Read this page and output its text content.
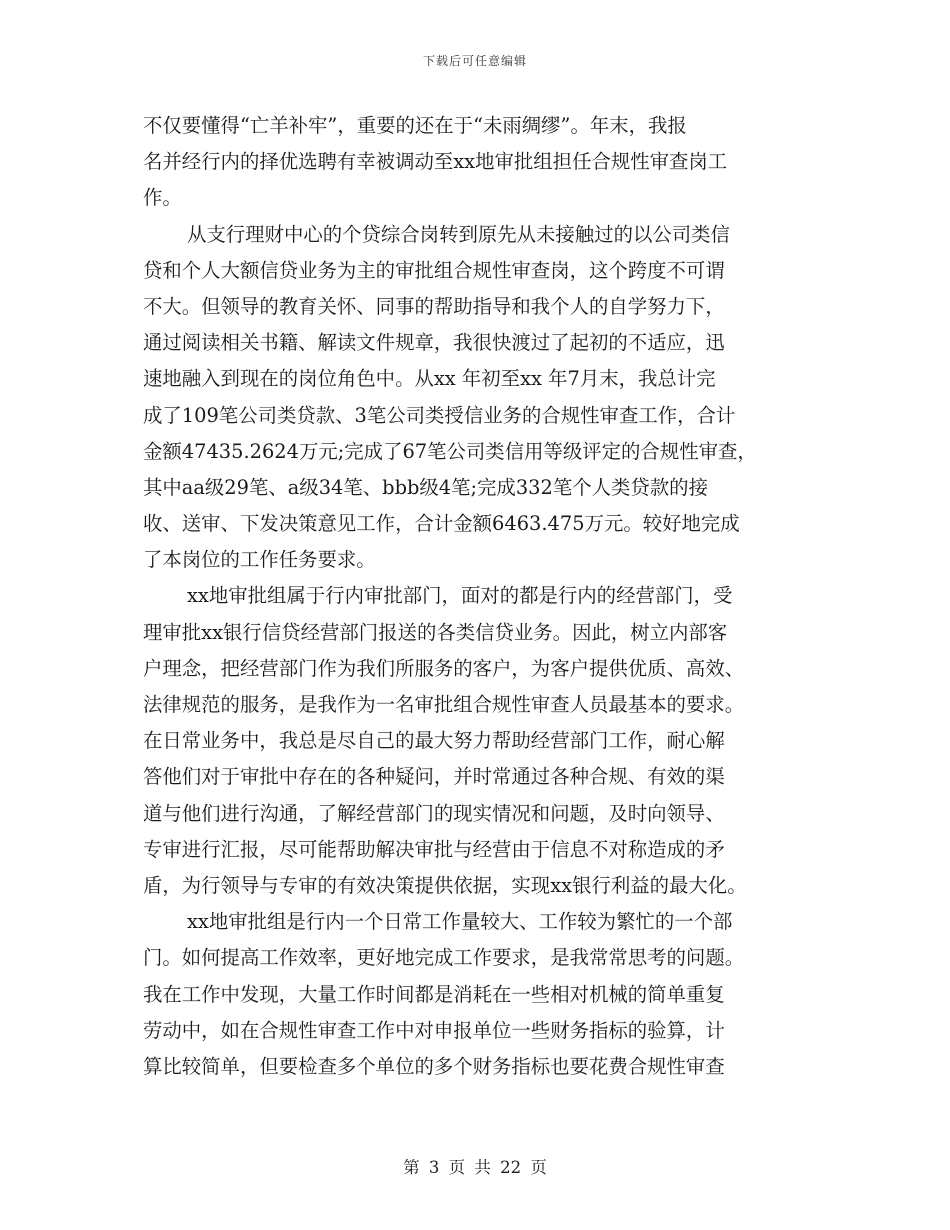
下载后可任意编辑
不仅要懂得“亡羊补牢”，重要的还在于“未雨绸缪”。年末，我报
名并经行内的择优选聘有幸被调动至xx地审批组担任合规性审查岗工
作。
从支行理财中心的个贷综合岗转到原先从未接触过的以公司类信
贷和个人大额信贷业务为主的审批组合规性审查岗，这个跨度不可谓
不大。但领导的教育关怀、同事的帮助指导和我个人的自学努力下，
通过阅读相关书籍、解读文件规章，我很快渡过了起初的不适应，迅
速地融入到现在的岗位角色中。从xx 年初至xx 年7月末，我总计完
成了109笔公司类贷款、3笔公司类授信业务的合规性审查工作，合计
金额47435.2624万元;完成了67笔公司类信用等级评定的合规性审查，
其中aa级29笔、a级34笔、bbb级4笔;完成332笔个人类贷款的接
收、送审、下发决策意见工作，合计金额6463.475万元。较好地完成
了本岗位的工作任务要求。
xx地审批组属于行内审批部门，面对的都是行内的经营部门，受
理审批xx银行信贷经营部门报送的各类信贷业务。因此，树立内部客
户理念，把经营部门作为我们所服务的客户，为客户提供优质、高效、
法律规范的服务，是我作为一名审批组合规性审查人员最基本的要求。
在日常业务中，我总是尽自己的最大努力帮助经营部门工作，耐心解
答他们对于审批中存在的各种疑问，并时常通过各种合规、有效的渠
道与他们进行沟通，了解经营部门的现实情况和问题，及时向领导、
专审进行汇报，尽可能帮助解决审批与经营由于信息不对称造成的矛
盾，为行领导与专审的有效决策提供依据，实现xx银行利益的最大化。
xx地审批组是行内一个日常工作量较大、工作较为繁忙的一个部
门。如何提高工作效率，更好地完成工作要求，是我常常思考的问题。
我在工作中发现，大量工作时间都是消耗在一些相对机械的简单重复
劳动中，如在合规性审查工作中对申报单位一些财务指标的验算，计
算比较简单，但要检查多个单位的多个财务指标也要花费合规性审查
第 3 页 共 22 页
